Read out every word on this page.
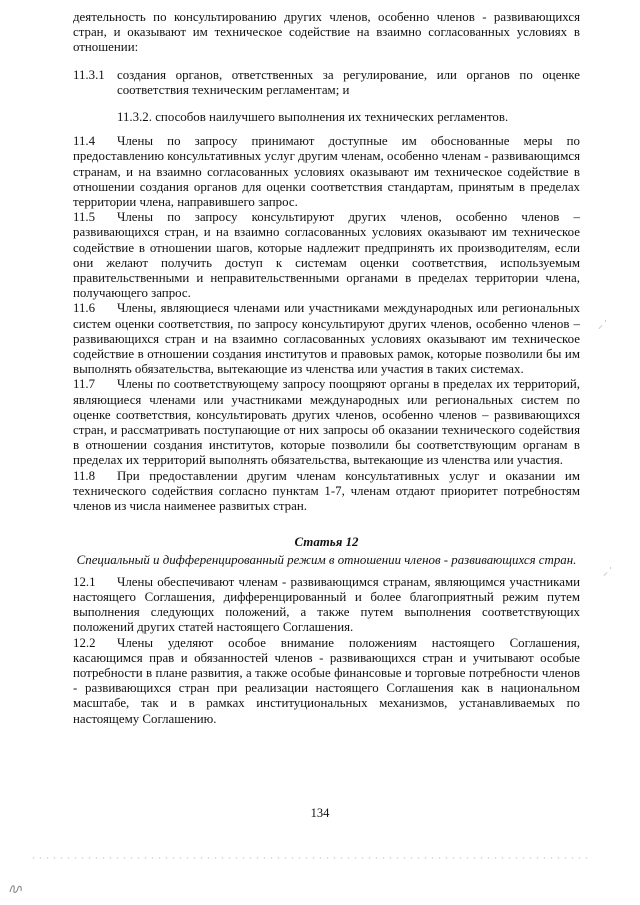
деятельность по консультированию других членов, особенно членов - развивающихся стран, и оказывают им техническое содействие на взаимно согласованных условиях в отношении:

11.3.1 создания органов, ответственных за регулирование, или органов по оценке соответствия техническим регламентам; и

11.3.2. способов наилучшего выполнения их технических регламентов.

11.4 Члены по запросу принимают доступные им обоснованные меры по предоставлению консультативных услуг другим членам, особенно членам - развивающимся странам, и на взаимно согласованных условиях оказывают им техническое содействие в отношении создания органов для оценки соответствия стандартам, принятым в пределах территории члена, направившего запрос.

11.5 Члены по запросу консультируют других членов, особенно членов – развивающихся стран, и на взаимно согласованных условиях оказывают им техническое содействие в отношении шагов, которые надлежит предпринять их производителям, если они желают получить доступ к системам оценки соответствия, используемым правительственными и неправительственными органами в пределах территории члена, получающего запрос.

11.6 Члены, являющиеся членами или участниками международных или региональных систем оценки соответствия, по запросу консультируют других членов, особенно членов – развивающихся стран и на взаимно согласованных условиях оказывают им техническое содействие в отношении создания институтов и правовых рамок, которые позволили бы им выполнять обязательства, вытекающие из членства или участия в таких системах.

11.7 Члены по соответствующему запросу поощряют органы в пределах их территорий, являющиеся членами или участниками международных или региональных систем по оценке соответствия, консультировать других членов, особенно членов – развивающихся стран, и рассматривать поступающие от них запросы об оказании технического содействия в отношении создания институтов, которые позволили бы соответствующим органам в пределах их территорий выполнять обязательства, вытекающие из членства или участия.

11.8 При предоставлении другим членам консультативных услуг и оказании им технического содействия согласно пунктам 1-7, членам отдают приоритет потребностям членов из числа наименее развитых стран.

Статья 12
Специальный и дифференцированный режим в отношении членов - развивающихся стран.

12.1 Члены обеспечивают членам - развивающимся странам, являющимся участниками настоящего Соглашения, дифференцированный и более благоприятный режим путем выполнения следующих положений, а также путем выполнения соответствующих положений других статей настоящего Соглашения.

12.2 Члены уделяют особое внимание положениям настоящего Соглашения, касающимся прав и обязанностей членов - развивающихся стран и учитывают особые потребности в плане развития, а также особые финансовые и торговые потребности членов - развивающихся стран при реализации настоящего Соглашения как в национальном масштабе, так и в рамках институциональных механизмов, устанавливаемых по настоящему Соглашению.

134
⸝˙
⸝˙
